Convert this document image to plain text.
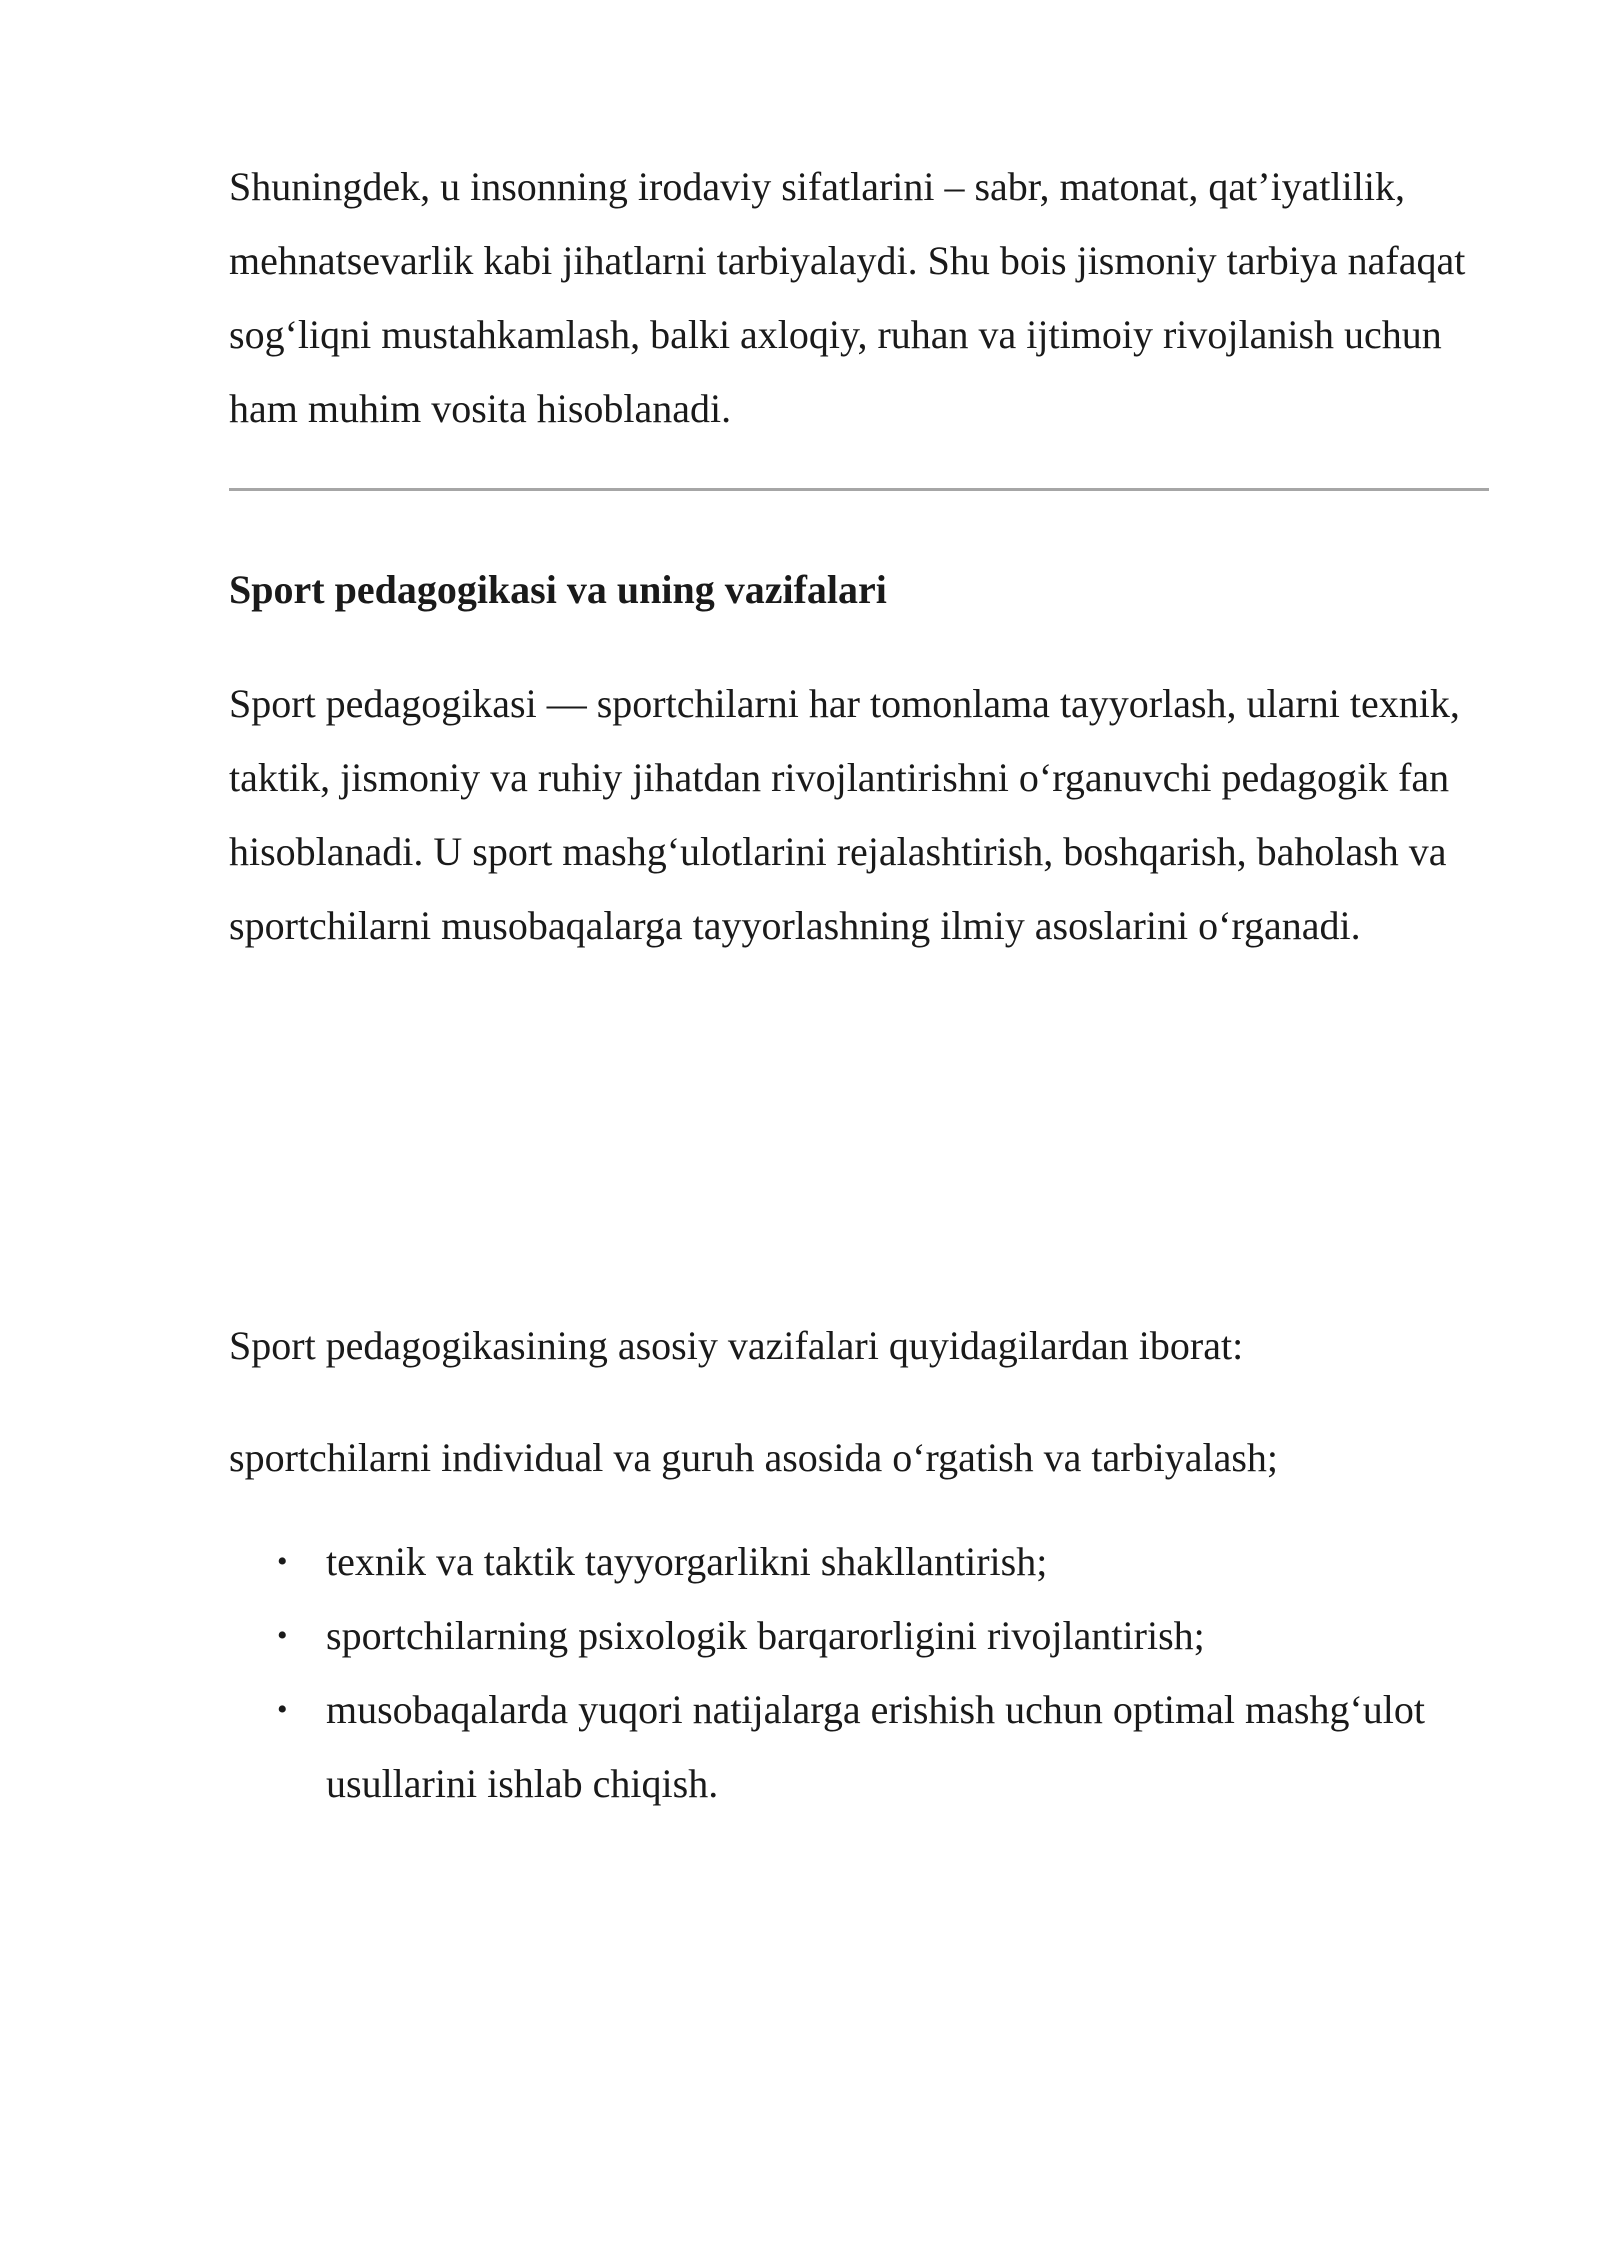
Shuningdek, u insonning irodaviy sifatlarini – sabr, matonat, qat’iyatlilik, mehnatsevarlik kabi jihatlarni tarbiyalaydi. Shu bois jismoniy tarbiya nafaqat sog‘liqni mustahkamlash, balki axloqiy, ruhan va ijtimoiy rivojlanish uchun ham muhim vosita hisoblanadi.

Sport pedagogikasi va uning vazifalari

Sport pedagogikasi — sportchilarni har tomonlama tayyorlash, ularni texnik, taktik, jismoniy va ruhiy jihatdan rivojlantirishni o‘rganuvchi pedagogik fan hisoblanadi. U sport mashg‘ulotlarini rejalashtirish, boshqarish, baholash va sportchilarni musobaqalarga tayyorlashning ilmiy asoslarini o‘rganadi.

Sport pedagogikasining asosiy vazifalari quyidagilardan iborat:

sportchilarni individual va guruh asosida o‘rgatish va tarbiyalash;

• texnik va taktik tayyorgarlikni shakllantirish;
• sportchilarning psixologik barqarorligini rivojlantirish;
• musobaqalarda yuqori natijalarga erishish uchun optimal mashg‘ulot usullarini ishlab chiqish.
